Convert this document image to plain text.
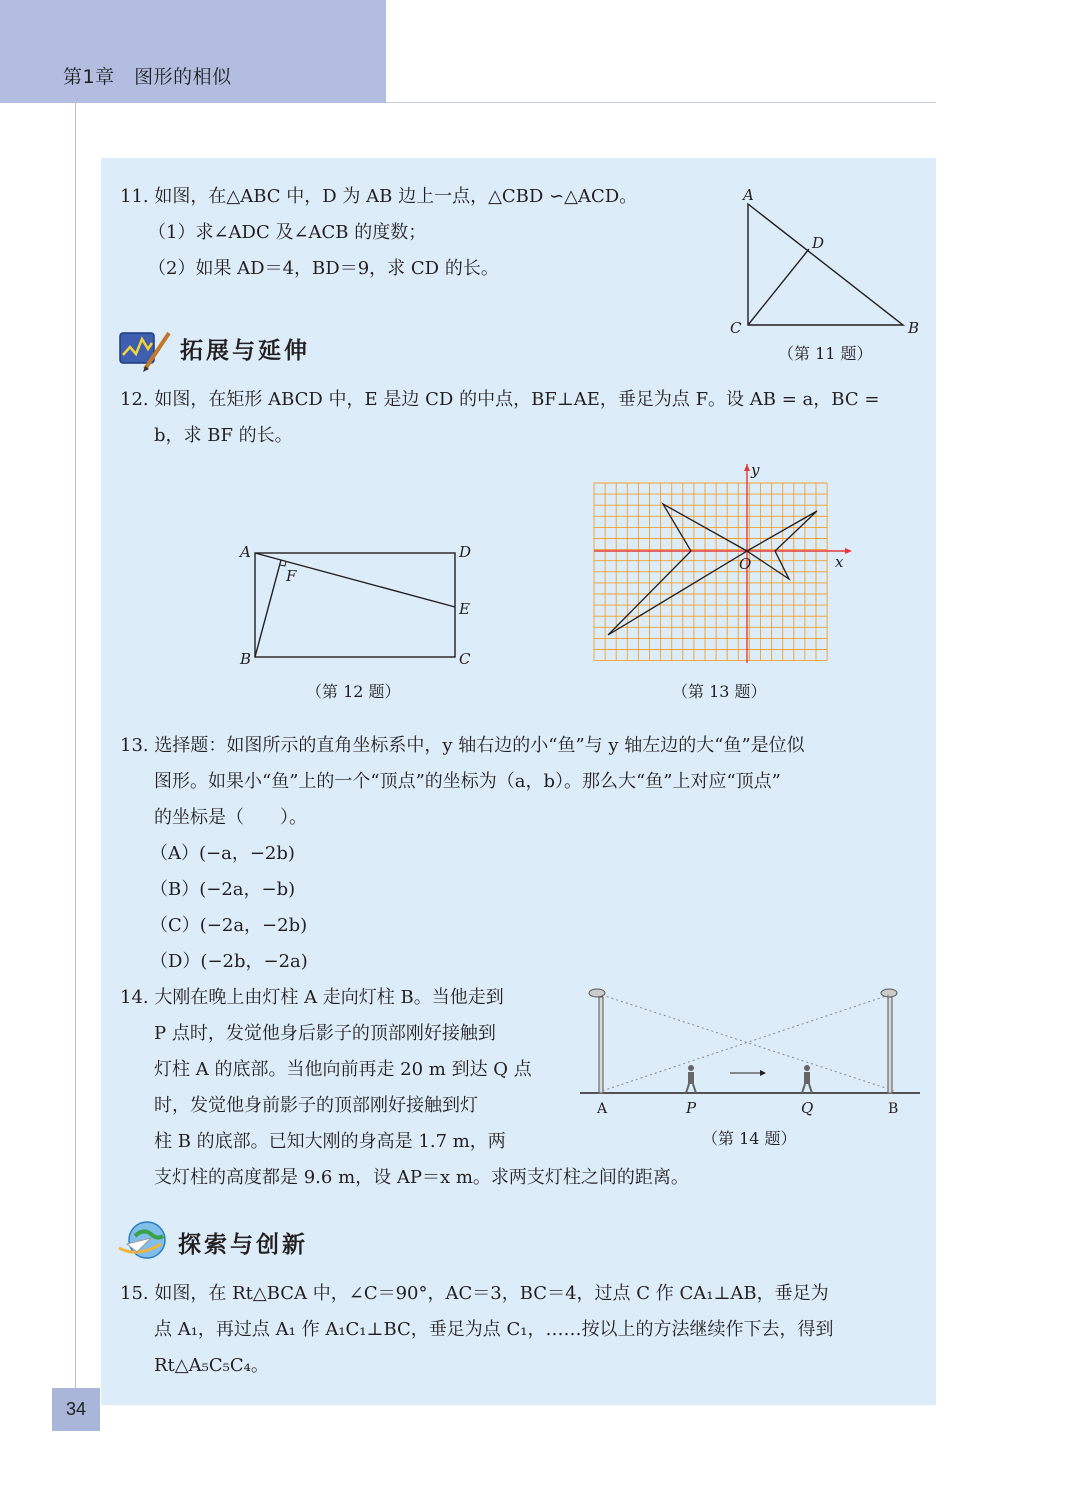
第1章　图形的相似
34
11. 如图，在△ABC 中，D 为 AB 边上一点，△CBD ∽△ACD。
（1）求∠ADC 及∠ACB 的度数；
（2）如果 AD＝4，BD＝9，求 CD 的长。
A
D
C	B
（第 11 题）
拓展与延伸
12. 如图，在矩形 ABCD 中，E 是边 CD 的中点，BF⊥AE，垂足为点 F。设 AB = a，BC =
b，求 BF 的长。
A	D
F
E
B	C
（第 12 题）
y
x
O
（第 13 题）
13. 选择题：如图所示的直角坐标系中，y 轴右边的小“鱼”与 y 轴左边的大“鱼”是位似
图形。如果小“鱼”上的一个“顶点”的坐标为（a，b）。那么大“鱼”上对应“顶点”
的坐标是（　　）。
（A）(−a，−2b)
（B）(−2a，−b)
（C）(−2a，−2b)
（D）(−2b，−2a)
14. 大刚在晚上由灯柱 A 走向灯柱 B。当他走到
P 点时，发觉他身后影子的顶部刚好接触到
灯柱 A 的底部。当他向前再走 20 m 到达 Q 点
时，发觉他身前影子的顶部刚好接触到灯
柱 B 的底部。已知大刚的身高是 1.7 m，两
支灯柱的高度都是 9.6 m，设 AP＝x m。求两支灯柱之间的距离。
A	P	Q	B
（第 14 题）
探索与创新
15. 如图，在 Rt△BCA 中，∠C＝90°，AC＝3，BC＝4，过点 C 作 CA₁⊥AB，垂足为
点 A₁，再过点 A₁ 作 A₁C₁⊥BC，垂足为点 C₁，……按以上的方法继续作下去，得到
Rt△A₅C₅C₄。
